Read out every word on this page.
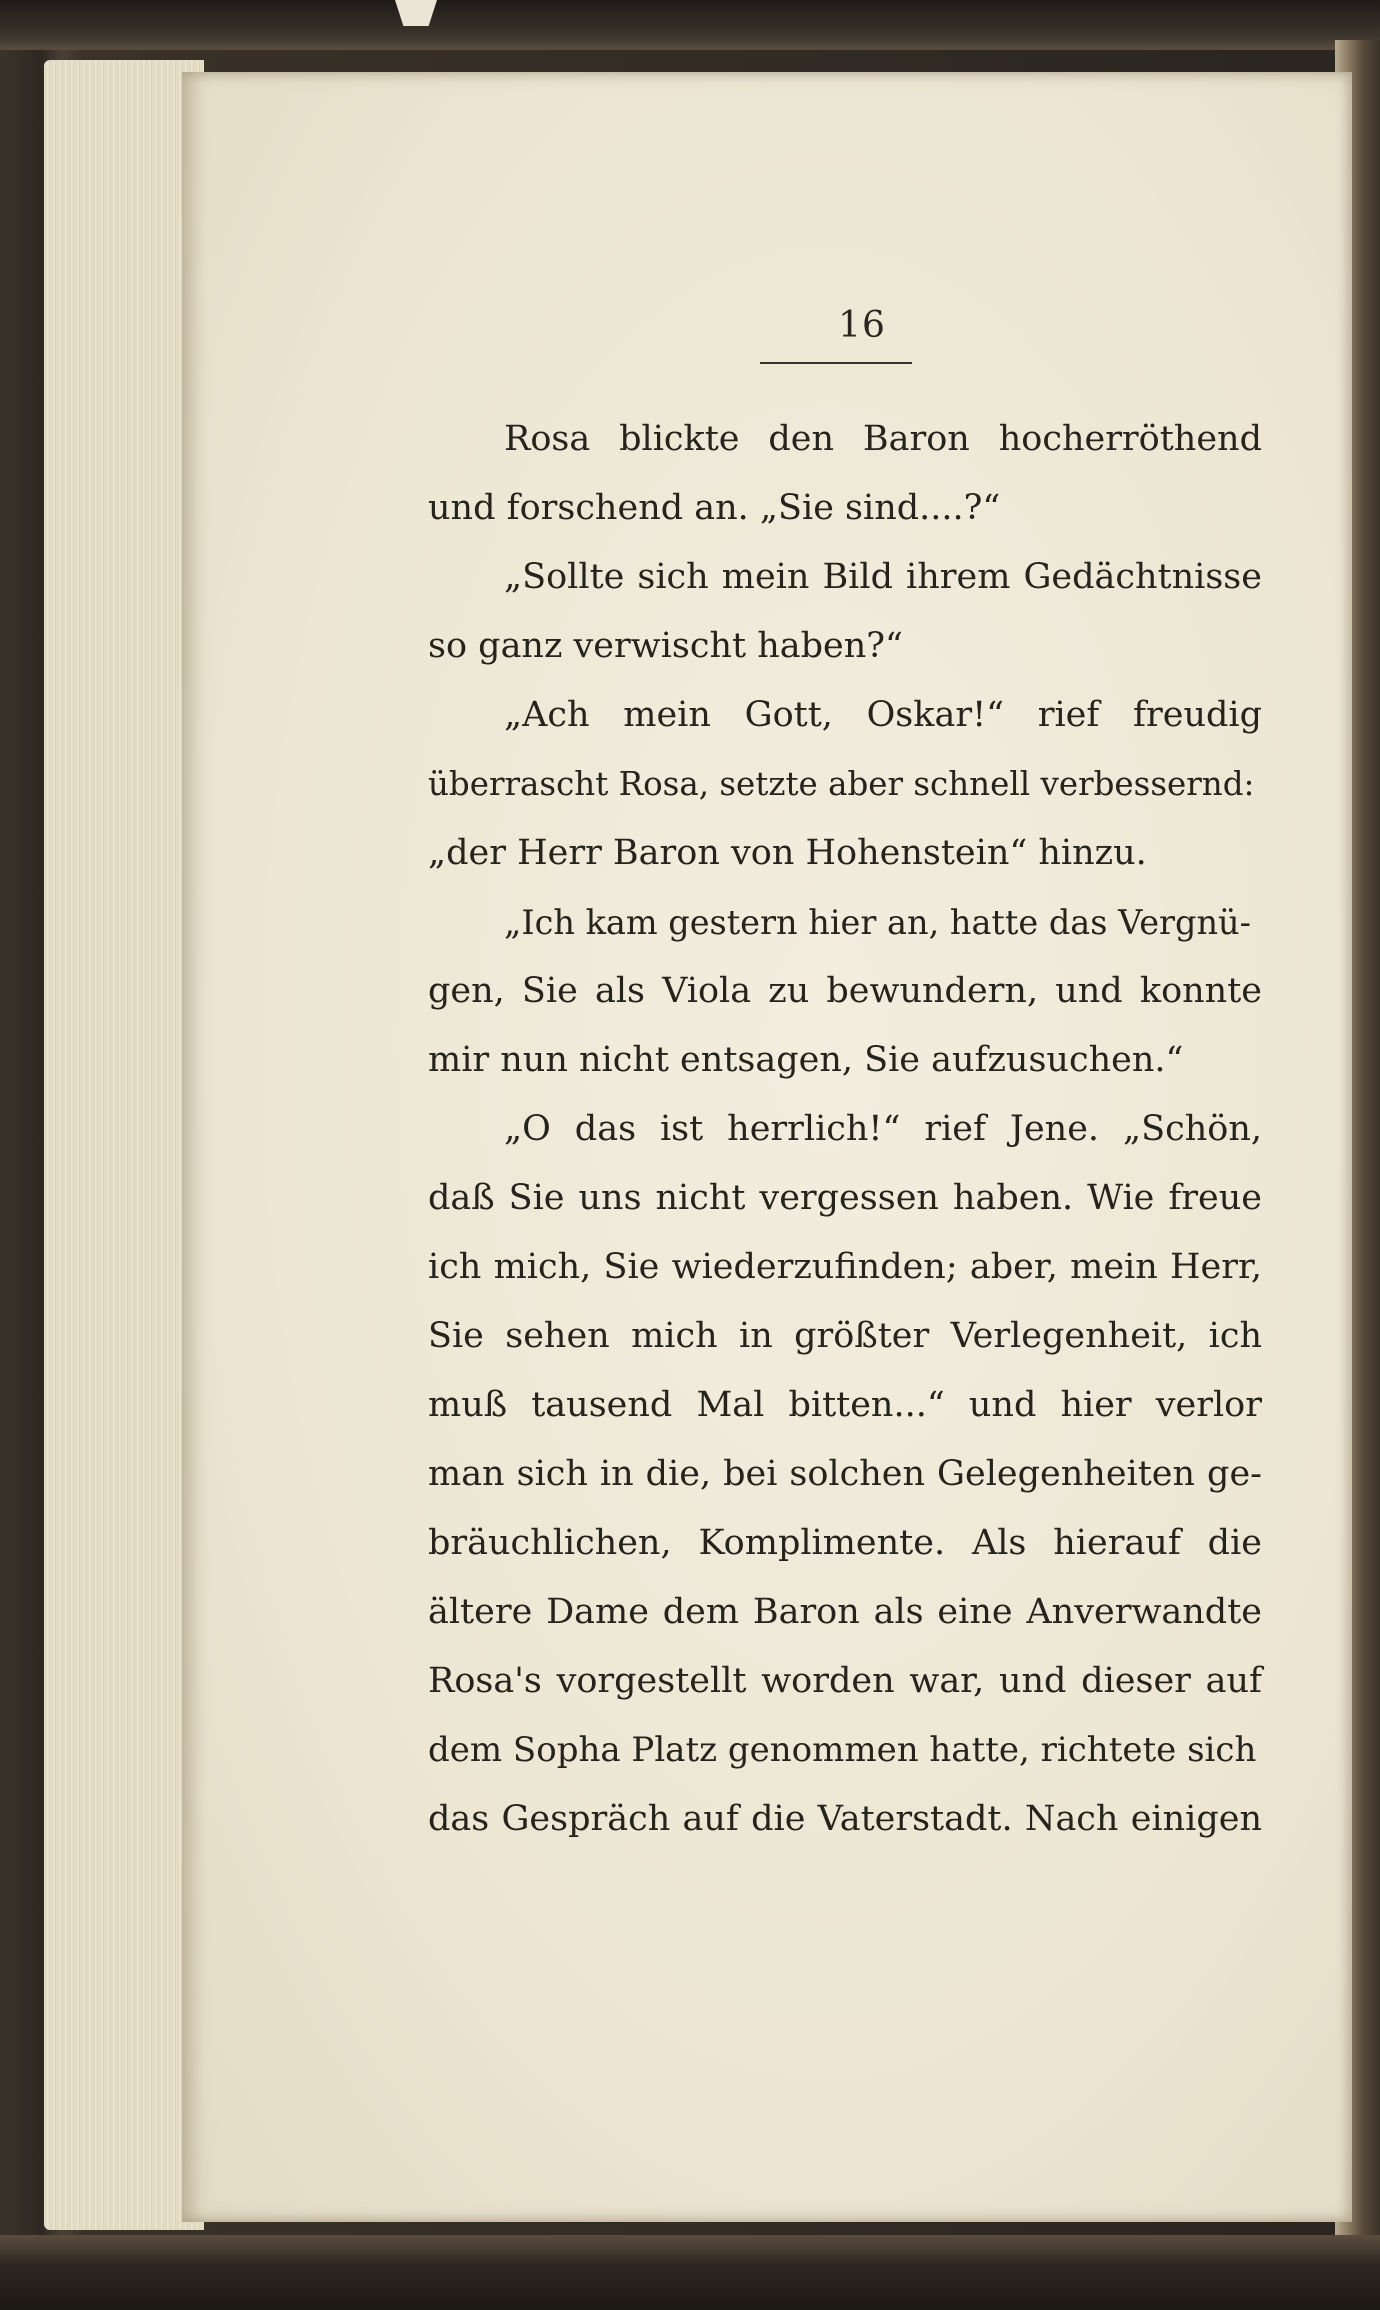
16
Rosa blickte den Baron hocherröthend
und forschend an. „Sie sind....?“
„Sollte sich mein Bild ihrem Gedächtnisse
so ganz verwischt haben?“
„Ach mein Gott, Oskar!“ rief freudig
überrascht Rosa, setzte aber schnell verbessernd:
„der Herr Baron von Hohenstein“ hinzu.
„Ich kam gestern hier an, hatte das Vergnü-
gen, Sie als Viola zu bewundern, und konnte
mir nun nicht entsagen, Sie aufzusuchen.“
„O das ist herrlich!“ rief Jene. „Schön,
daß Sie uns nicht vergessen haben. Wie freue
ich mich, Sie wiederzufinden; aber, mein Herr,
Sie sehen mich in größter Verlegenheit, ich
muß tausend Mal bitten...“ und hier verlor
man sich in die, bei solchen Gelegenheiten ge-
bräuchlichen, Komplimente. Als hierauf die
ältere Dame dem Baron als eine Anverwandte
Rosa's vorgestellt worden war, und dieser auf
dem Sopha Platz genommen hatte, richtete sich
das Gespräch auf die Vaterstadt. Nach einigen
